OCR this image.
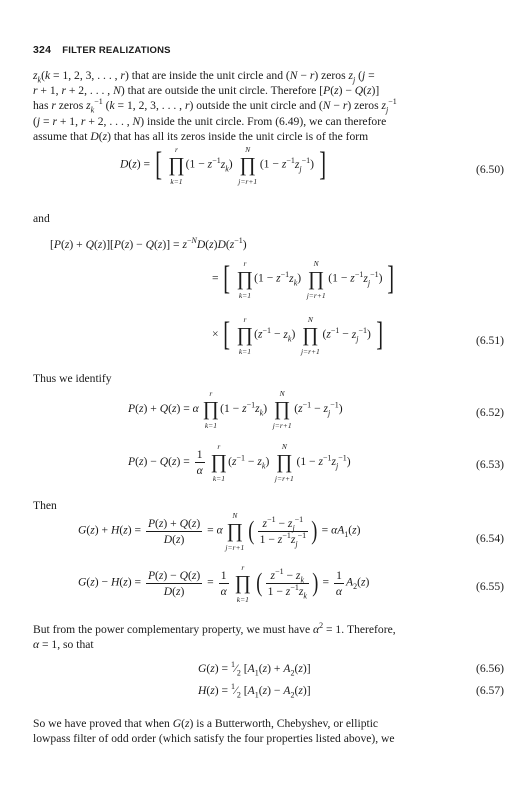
324 FILTER REALIZATIONS
$z_k(k = 1$, 2, 3, . . . , r) that are inside the unit circle and (N − r) zeros $z_j$ (j =
r + 1, r + 2, . . . , N) that are outside the unit circle. Therefore [P(z) − Q(z)]
has r zeros $z_k^{-1}$ (k = 1, 2, 3, . . . , r) outside the unit circle and (N − r) zeros $z_j^{-1}$
(j = r + 1, r + 2, . . . , N) inside the unit circle. From (6.49), we can therefore
assume that D(z) that has all its zeros inside the unit circle is of the form
D(z) = [ ∏
r
k=1
$(1 - z^{-1}z_k)$  ∏
N
j=r+1
$(1 - z^{-1}z_j^{-1})$ ]	(6.50)
and
$[P(z) + Q(z)][P(z) - Q(z)] = z^{-N}D(z)D(z^{-1})$
= [ ∏
r
k=1
$(1 - z^{-1}z_k)$  ∏
N
j=r+1
$(1 - z^{-1}z_j^{-1})$ ]
× [ ∏
r
k=1
$(z^{-1} - z_k)$  ∏
N
j=r+1
$(z^{-1} - z_j^{-1})$ ]	(6.51)
Thus we identify
P(z) + Q(z) = α ∏
r
k=1
$(1 - z^{-1}z_k)$  ∏
N
j=r+1
$(z^{-1} - z_j^{-1})$	(6.52)
$P(z) - Q(z) = \frac{1}{\alpha}$ ∏
r
k=1
$(z^{-1} - z_k)$  ∏
N
j=r+1
$(1 - z^{-1}z_j^{-1})$	(6.53)
Then
$G(z) + H(z) = \frac{P(z) + Q(z)}{D(z)} = \alpha$ ∏
N
j=r+1
( $\frac{z^{-1} - z_j^{-1}}{1 - z^{-1}z_j^{-1}}$ ) = $\alpha A_1(z)$
(6.54)
$G(z) - H(z) = \frac{P(z) - Q(z)}{D(z)} = \frac{1}{\alpha}$ ∏
r
k=1
( $\frac{z^{-1} - z_k}{1 - z^{-1}z_k}$ ) = $\frac{1}{\alpha} A_2(z)$	(6.55)
But from the power complementary property, we must have $\alpha^2 = 1$. Therefore,
α = 1, so that
$G(z) = ^1⁄_2$ $[A_1(z) + A_2(z)]$	(6.56)
$H(z) = ^1⁄_2$ $[A_1(z) - A_2(z)]$	(6.57)
So we have proved that when G(z) is a Butterworth, Chebyshev, or elliptic
lowpass filter of odd order (which satisfy the four properties listed above), we
